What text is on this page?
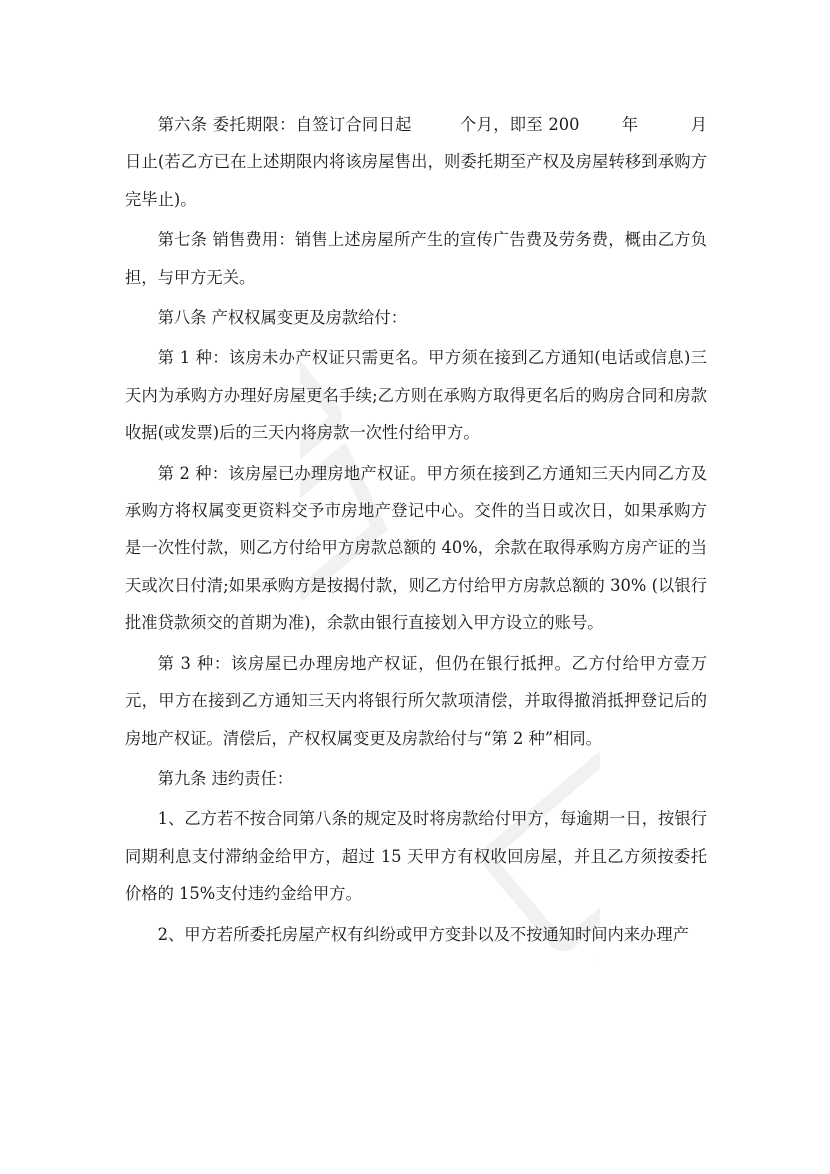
第六条 委托期限：自签订合同日起	个月，即至 200	年	月日止(若乙方已在上述期限内将该房屋售出，则委托期至产权及房屋转移到承购方完毕止)。

第七条 销售费用：销售上述房屋所产生的宣传广告费及劳务费，概由乙方负担，与甲方无关。

第八条 产权权属变更及房款给付：

第 1 种：该房未办产权证只需更名。甲方须在接到乙方通知(电话或信息)三天内为承购方办理好房屋更名手续;乙方则在承购方取得更名后的购房合同和房款收据(或发票)后的三天内将房款一次性付给甲方。

第 2 种：该房屋已办理房地产权证。甲方须在接到乙方通知三天内同乙方及承购方将权属变更资料交予市房地产登记中心。交件的当日或次日，如果承购方是一次性付款，则乙方付给甲方房款总额的 40%，余款在取得承购方房产证的当天或次日付清;如果承购方是按揭付款，则乙方付给甲方房款总额的 30% (以银行批准贷款须交的首期为准)，余款由银行直接划入甲方设立的账号。

第 3 种：该房屋已办理房地产权证，但仍在银行抵押。乙方付给甲方壹万元，甲方在接到乙方通知三天内将银行所欠款项清偿，并取得撤消抵押登记后的房地产权证。清偿后，产权权属变更及房款给付与“第 2 种”相同。

第九条 违约责任：

1、乙方若不按合同第八条的规定及时将房款给付甲方，每逾期一日，按银行同期利息支付滞纳金给甲方，超过 15 天甲方有权收回房屋，并且乙方须按委托价格的 15%支付违约金给甲方。

2、甲方若所委托房屋产权有纠纷或甲方变卦以及不按通知时间内来办理产
